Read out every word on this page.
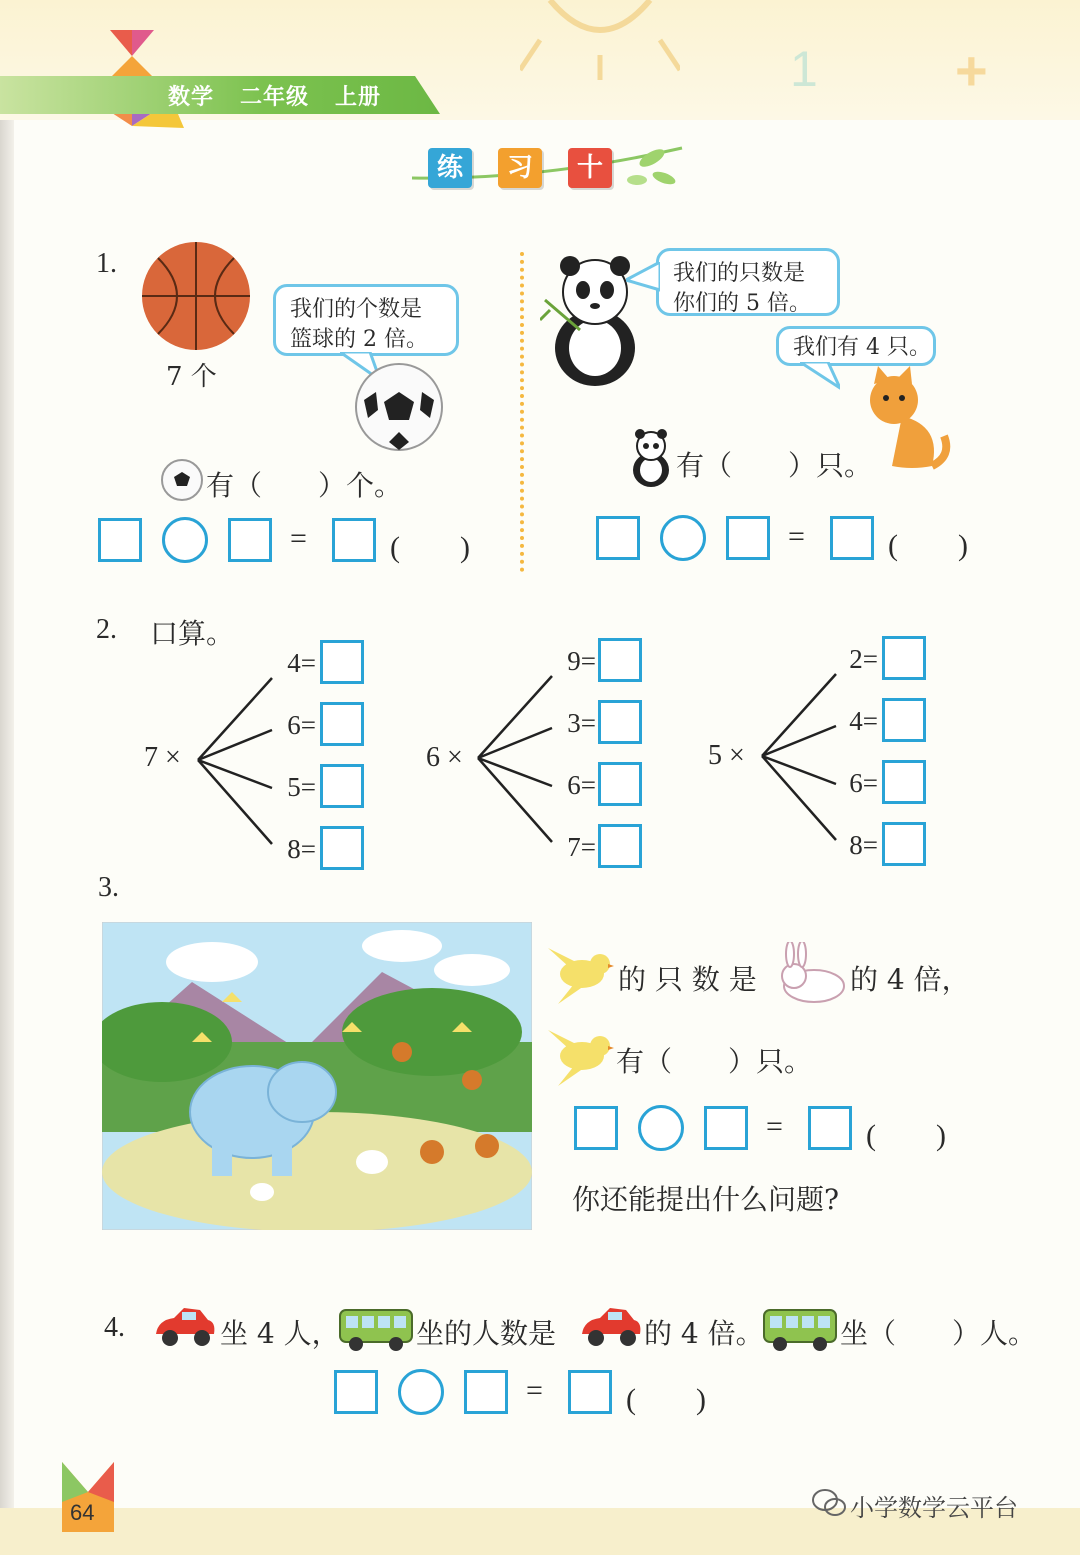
1 +
数学   二年级   上册
练	习	十
1.
7 个
我们的个数是
篮球的 2 倍。
有（　　）个。
=	(　　)
我们的只数是
你们的 5 倍。
我们有 4 只。
有（　　）只。
=	(　　)
2. 口算。
7 ×
4=
6=
5=
8=
6 ×
9=
3=
6=
7=
5 ×
2=
4=
6=
8=
3.
的 只 数 是	的 4 倍，
有（　　）只。
=	(　　)
你还能提出什么问题?
4.	坐 4 人，	坐的人数是	的 4 倍。	坐（　　）人。
=	(　　)
64	小学数学云平台
